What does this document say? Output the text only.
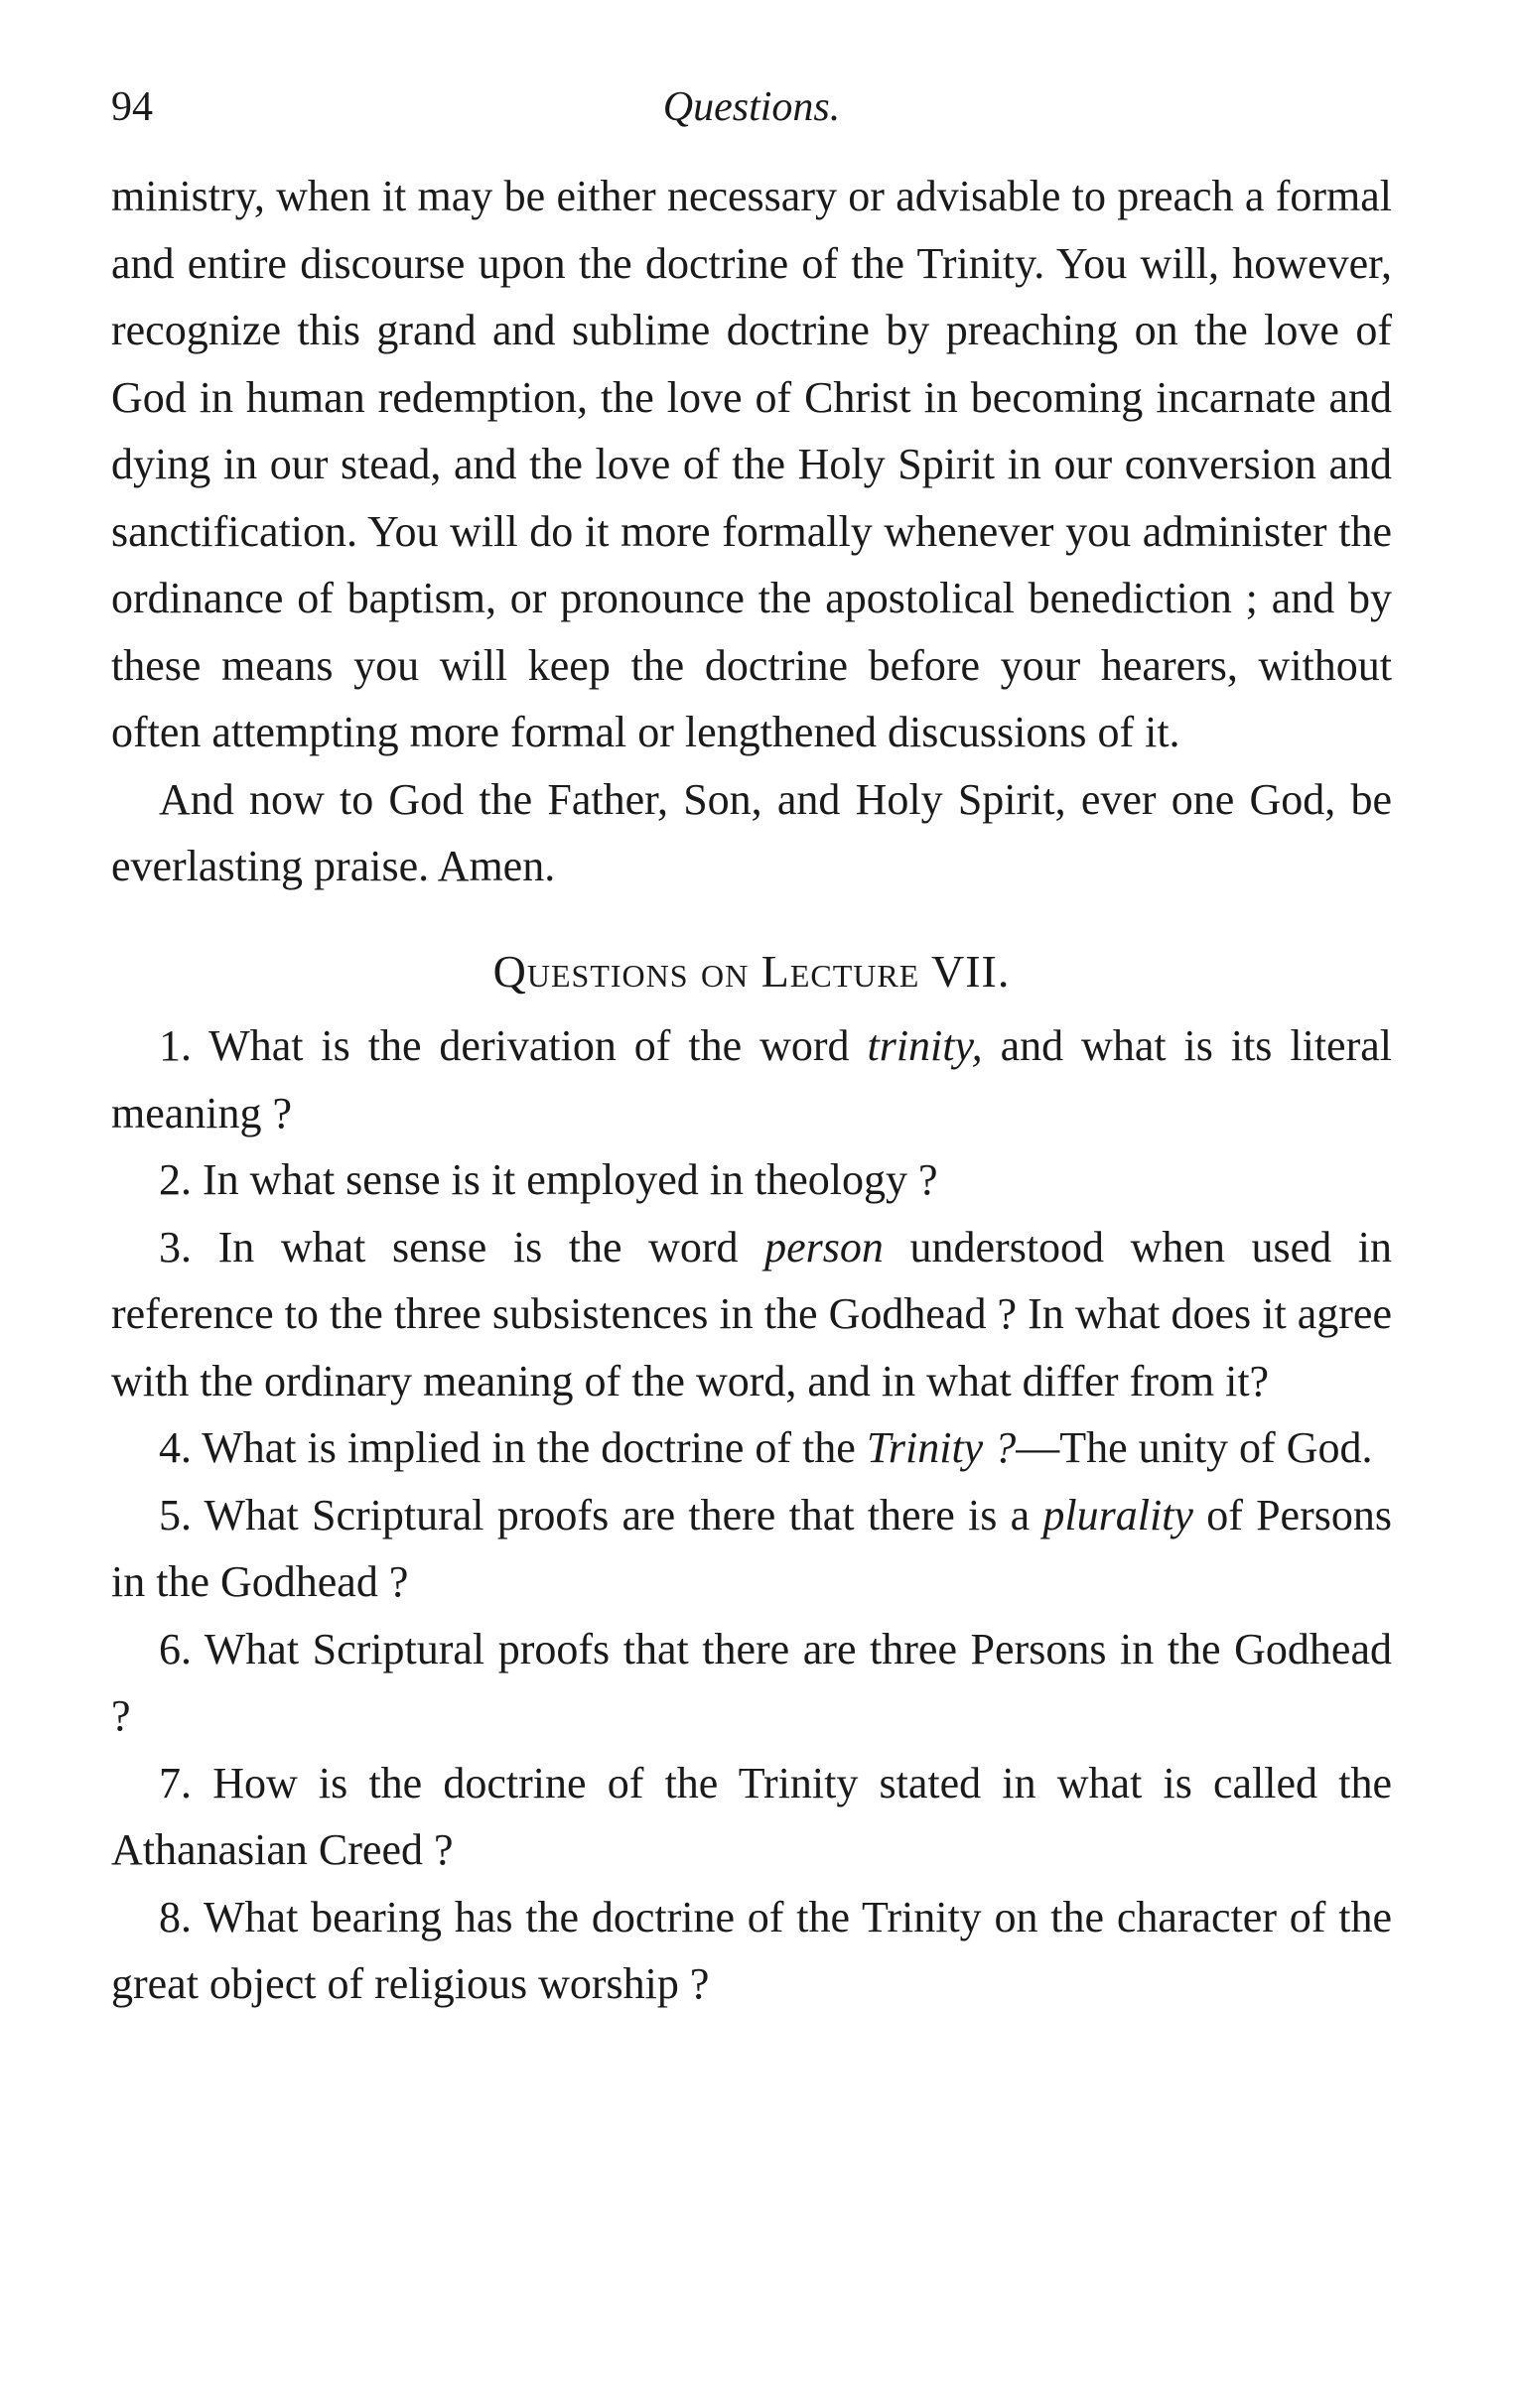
94	Questions.

ministry, when it may be either necessary or advisable to preach a formal and entire discourse upon the doctrine of the Trinity. You will, however, recognize this grand and sublime doctrine by preaching on the love of God in human redemption, the love of Christ in becoming incarnate and dying in our stead, and the love of the Holy Spirit in our conversion and sanctification. You will do it more formally whenever you administer the ordinance of baptism, or pronounce the apostolical benediction ; and by these means you will keep the doctrine before your hearers, without often attempting more formal or lengthened discussions of it.

And now to God the Father, Son, and Holy Spirit, ever one God, be everlasting praise. Amen.

Questions on Lecture VII.

1. What is the derivation of the word trinity, and what is its literal meaning ?

2. In what sense is it employed in theology ?

3. In what sense is the word person understood when used in reference to the three subsistences in the Godhead ? In what does it agree with the ordinary meaning of the word, and in what differ from it?

4. What is implied in the doctrine of the Trinity ?—The unity of God.

5. What Scriptural proofs are there that there is a plurality of Persons in the Godhead ?

6. What Scriptural proofs that there are three Persons in the Godhead ?

7. How is the doctrine of the Trinity stated in what is called the Athanasian Creed ?

8. What bearing has the doctrine of the Trinity on the character of the great object of religious worship ?
